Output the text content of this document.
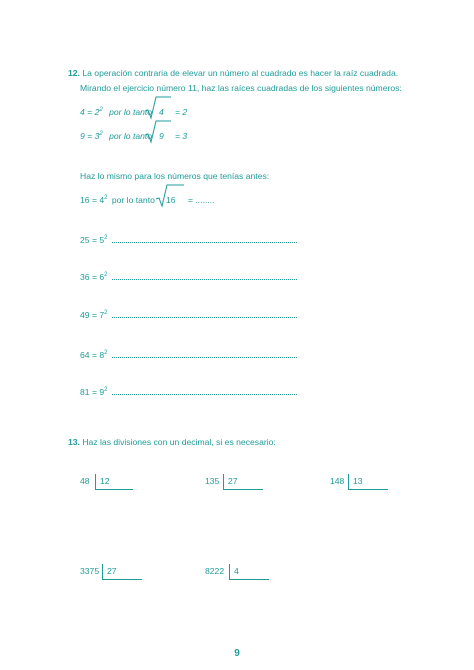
12. La operación contraria de elevar un número al cuadrado es hacer la raíz cuadrada.
Mirando el ejercicio número 11, haz las raíces cuadradas de los siguientes números:
$4 = 2^2$ por lo tanto 4 = 2
$9 = 3^2$ por lo tanto 9 = 3
Haz lo mismo para los números que tenías antes:
$16 = 4^2$ por lo tanto 16 = ........
$25 = 5^2$
$36 = 6^2$
$49 = 7^2$
$64 = 8^2$
$81 = 9^2$
13. Haz las divisiones con un decimal, si es necesario:
48 12	135 27	148 13
3375 27	8222 4
9
